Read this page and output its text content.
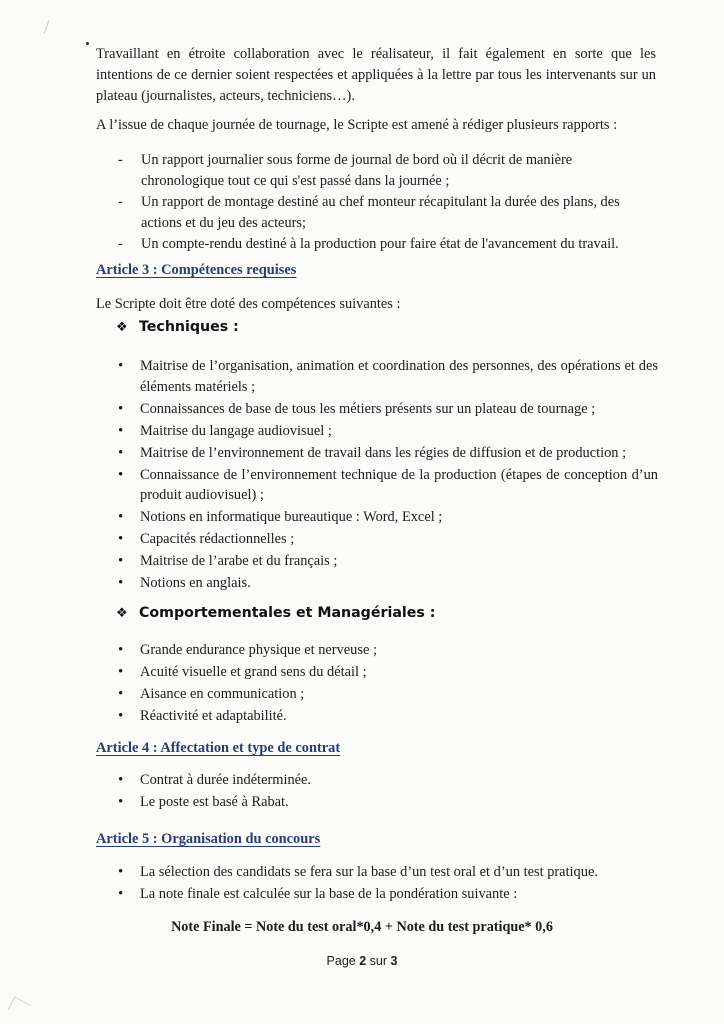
Travaillant en étroite collaboration avec le réalisateur, il fait également en sorte que les intentions de ce dernier soient respectées et appliquées à la lettre par tous les intervenants sur un plateau (journalistes, acteurs, techniciens…).

A l’issue de chaque journée de tournage, le Scripte est amené à rédiger plusieurs rapports :

- Un rapport journalier sous forme de journal de bord où il décrit de manière chronologique tout ce qui s'est passé dans la journée ;
- Un rapport de montage destiné au chef monteur récapitulant la durée des plans, des actions et du jeu des acteurs;
- Un compte-rendu destiné à la production pour faire état de l'avancement du travail.
Article 3 : Compétences requises

Le Scripte doit être doté des compétences suivantes :

❖ Techniques :
• Maitrise de l’organisation, animation et coordination des personnes, des opérations et des éléments matériels ;
• Connaissances de base de tous les métiers présents sur un plateau de tournage ;
• Maitrise du langage audiovisuel ;
• Maitrise de l’environnement de travail dans les régies de diffusion et de production ;
• Connaissance de l’environnement technique de la production (étapes de conception d’un produit audiovisuel) ;
• Notions en informatique bureautique : Word, Excel ;
• Capacités rédactionnelles ;
• Maitrise de l’arabe et du français ;
• Notions en anglais.
❖ Comportementales et Managériales :
• Grande endurance physique et nerveuse ;
• Acuité visuelle et grand sens du détail ;
• Aisance en communication ;
• Réactivité et adaptabilité.
Article 4 : Affectation et type de contrat
• Contrat à durée indéterminée.
• Le poste est basé à Rabat.
Article 5 : Organisation du concours
• La sélection des candidats se fera sur la base d’un test oral et d’un test pratique.
• La note finale est calculée sur la base de la pondération suivante :
Note Finale = Note du test oral*0,4 + Note du test pratique* 0,6
Page 2 sur 3
